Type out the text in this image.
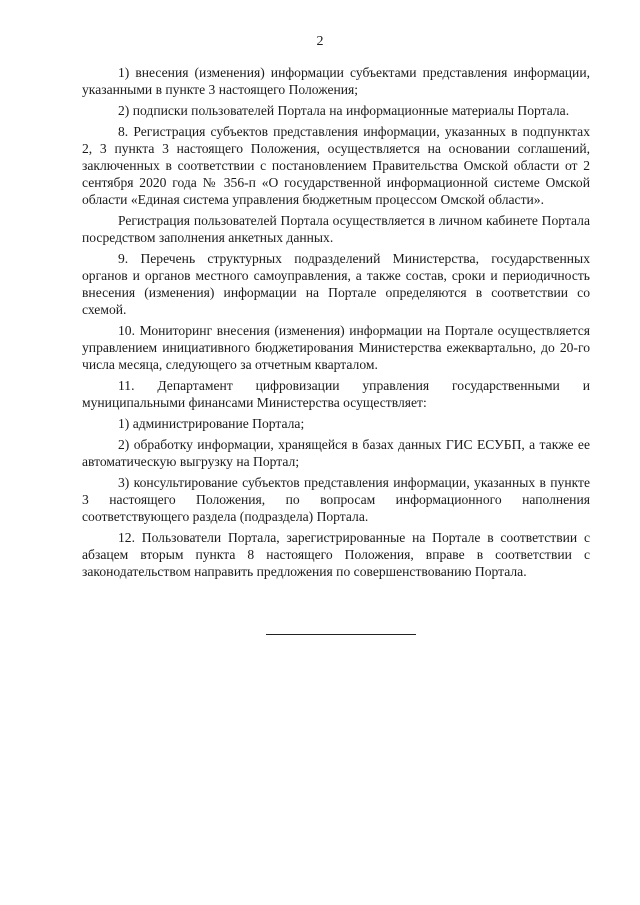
2

1) внесения (изменения) информации субъектами представления информации, указанными в пункте 3 настоящего Положения;

2) подписки пользователей Портала на информационные материалы Портала.

8. Регистрация субъектов представления информации, указанных в подпунктах 2, 3 пункта 3 настоящего Положения, осуществляется на основании соглашений, заключенных в соответствии с постановлением Правительства Омской области от 2 сентября 2020 года № 356-п «О государственной информационной системе Омской области «Единая система управления бюджетным процессом Омской области».

Регистрация пользователей Портала осуществляется в личном кабинете Портала посредством заполнения анкетных данных.

9. Перечень структурных подразделений Министерства, государственных органов и органов местного самоуправления, а также состав, сроки и периодичность внесения (изменения) информации на Портале определяются в соответствии со схемой.

10. Мониторинг внесения (изменения) информации на Портале осуществляется управлением инициативного бюджетирования Министерства ежеквартально, до 20-го числа месяца, следующего за отчетным кварталом.

11. Департамент цифровизации управления государственными и муниципальными финансами Министерства осуществляет:

1) администрирование Портала;

2) обработку информации, хранящейся в базах данных ГИС ЕСУБП, а также ее автоматическую выгрузку на Портал;

3) консультирование субъектов представления информации, указанных в пункте 3 настоящего Положения, по вопросам информационного наполнения соответствующего раздела (подраздела) Портала.

12. Пользователи Портала, зарегистрированные на Портале в соответствии с абзацем вторым пункта 8 настоящего Положения, вправе в соответствии с законодательством направить предложения по совершенствованию Портала.
